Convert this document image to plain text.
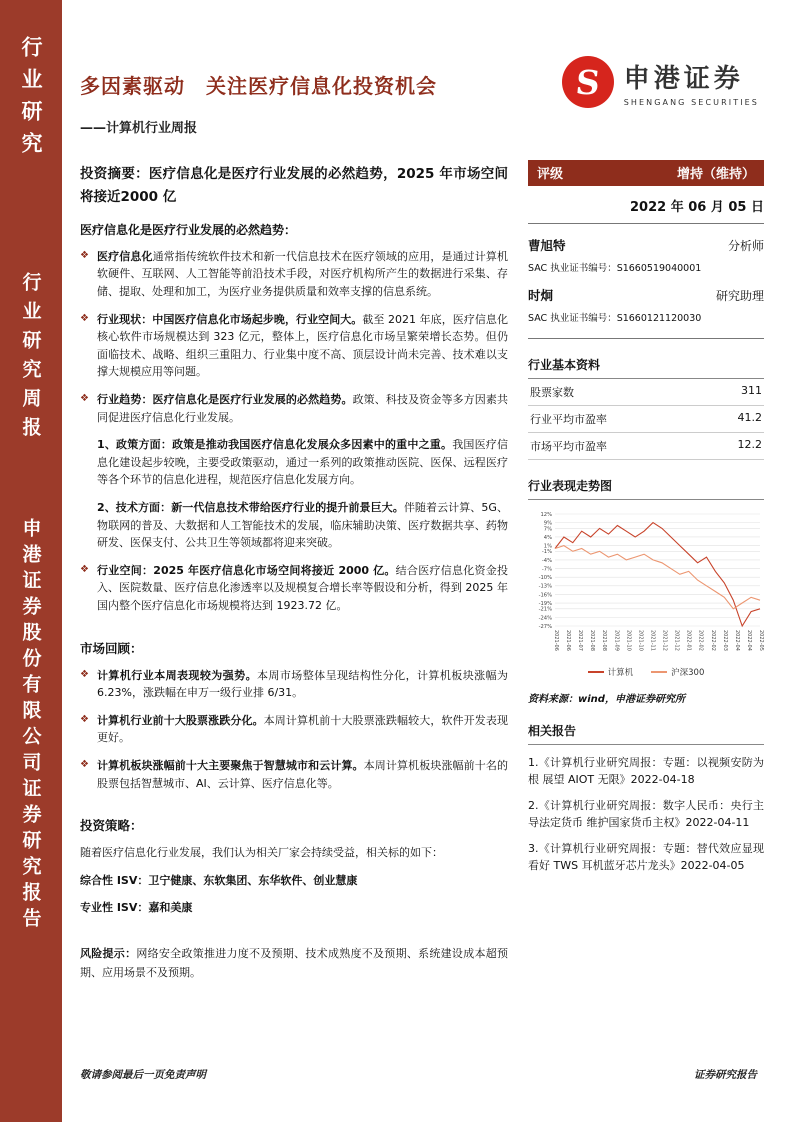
行业研究
行业研究周报
申港证券股份有限公司证券研究报告
多因素驱动　关注医疗信息化投资机会
——计算机行业周报
S 申港证券
SHENGANG SECURITIES
投资摘要：医疗信息化是医疗行业发展的必然趋势，2025 年市场空间将接近2000 亿
医疗信息化是医疗行业发展的必然趋势：
❖ 医疗信息化通常指传统软件技术和新一代信息技术在医疗领域的应用，是通过计算机软硬件、互联网、人工智能等前沿技术手段，对医疗机构所产生的数据进行采集、存储、提取、处理和加工，为医疗业务提供质量和效率支撑的信息系统。
❖ 行业现状：中国医疗信息化市场起步晚，行业空间大。截至 2021 年底，医疗信息化核心软件市场规模达到 323 亿元，整体上，医疗信息化市场呈繁荣增长态势。但仍面临技术、战略、组织三重阻力、行业集中度不高、顶层设计尚未完善、技术难以支撑大规模应用等问题。
❖ 行业趋势：医疗信息化是医疗行业发展的必然趋势。政策、科技及资金等多方因素共同促进医疗信息化行业发展。
1、政策方面：政策是推动我国医疗信息化发展众多因素中的重中之重。我国医疗信息化建设起步较晚，主要受政策驱动，通过一系列的政策推动医院、医保、远程医疗等各个环节的信息化进程，规范医疗信息化发展方向。
2、技术方面：新一代信息技术带给医疗行业的提升前景巨大。伴随着云计算、5G、物联网的普及、大数据和人工智能技术的发展，临床辅助决策、医疗数据共享、药物研发、医保支付、公共卫生等领域都将迎来突破。
❖ 行业空间：2025 年医疗信息化市场空间将接近 2000 亿。结合医疗信息化资金投入、医院数量、医疗信息化渗透率以及规模复合增长率等假设和分析，得到 2025 年国内整个医疗信息化市场规模将达到 1923.72 亿。
市场回顾：
❖ 计算机行业本周表现较为强势。本周市场整体呈现结构性分化，计算机板块涨幅为 6.23%，涨跌幅在申万一级行业排 6/31。
❖ 计算机行业前十大股票涨跌分化。本周计算机前十大股票涨跌幅较大，软件开发表现更好。
❖ 计算机板块涨幅前十大主要聚焦于智慧城市和云计算。本周计算机板块涨幅前十名的股票包括智慧城市、AI、云计算、医疗信息化等。
投资策略：
随着医疗信息化行业发展，我们认为相关厂家会持续受益，相关标的如下：
综合性 ISV：卫宁健康、东软集团、东华软件、创业慧康
专业性 ISV：嘉和美康
风险提示：网络安全政策推进力度不及预期、技术成熟度不及预期、系统建设成本超预期、应用场景不及预期。
评级	增持（维持）
2022 年 06 月 05 日
曹旭特	分析师
SAC 执业证书编号：S1660519040001
时炯	研究助理
SAC 执业证书编号：S1660121120030
行业基本资料
股票家数	311
行业平均市盈率	41.2
市场平均市盈率	12.2
行业表现走势图
12%
9%
7%
4%
1%
-1%
-4%
-7%
-10%
-13%
-16%
-19%
-21%
-24%
-27%
2021-06 2021-06 2021-07 2021-08 2021-08 2021-09 2021-10 2021-10 2021-11 2021-12 2021-12 2022-01 2022-02 2022-02 2022-03 2022-04 2022-04 2022-05
计算机	沪深300
资料来源：wind，申港证券研究所
相关报告
1.《计算机行业研究周报：专题：以视频安防为根 展望 AIOT 无限》2022-04-18
2.《计算机行业研究周报：数字人民币：央行主导法定货币 维护国家货币主权》2022-04-11
3.《计算机行业研究周报：专题：替代效应显现 看好 TWS 耳机蓝牙芯片龙头》2022-04-05
敬请参阅最后一页免责声明	证券研究报告
